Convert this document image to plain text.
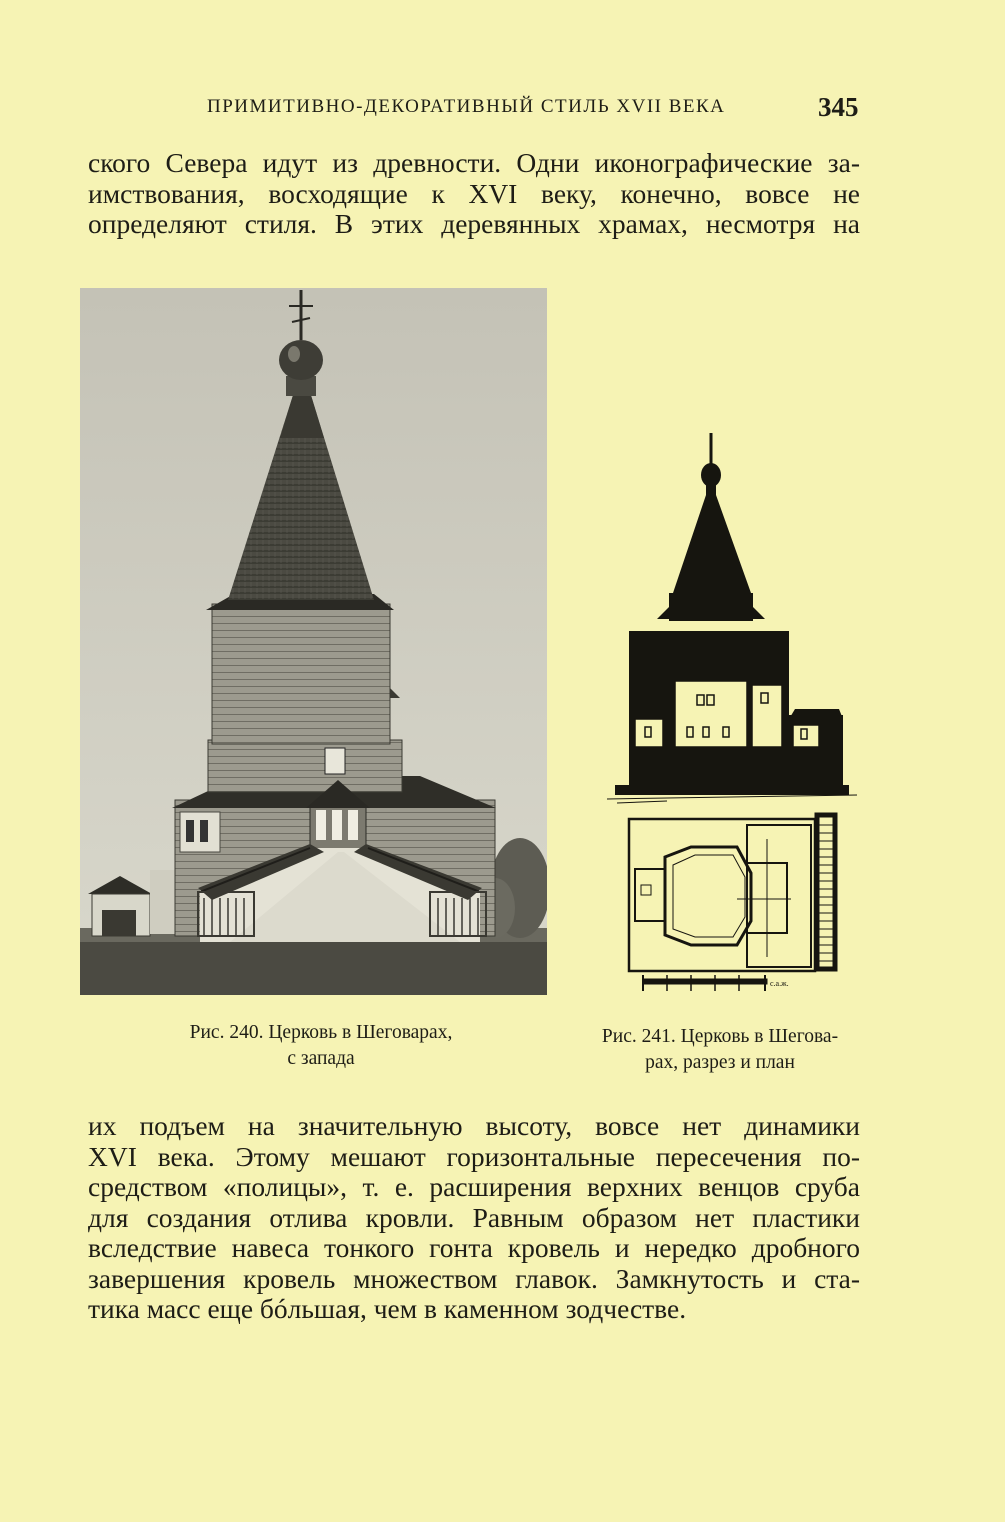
ПРИМИТИВНО-ДЕКОРАТИВНЫЙ СТИЛЬ XVII ВЕКА	345
ского Севера идут из древности. Одни иконографические за-
имствования, восходящие к XVI веку, конечно, вовсе не
определяют стиля. В этих деревянных храмах, несмотря на
с.а.ж.
Рис. 240. Церковь в Шеговарах,
с запада
Рис. 241. Церковь в Шегова-
рах, разрез и план
их подъем на значительную высоту, вовсе нет динамики
XVI века. Этому мешают горизонтальные пересечения по-
средством «полицы», т. е. расширения верхних венцов сруба
для создания отлива кровли. Равным образом нет пластики
вследствие навеса тонкого гонта кровель и нередко дробного
завершения кровель множеством главок. Замкнутость и ста-
тика масс еще бóльшая, чем в каменном зодчестве.
